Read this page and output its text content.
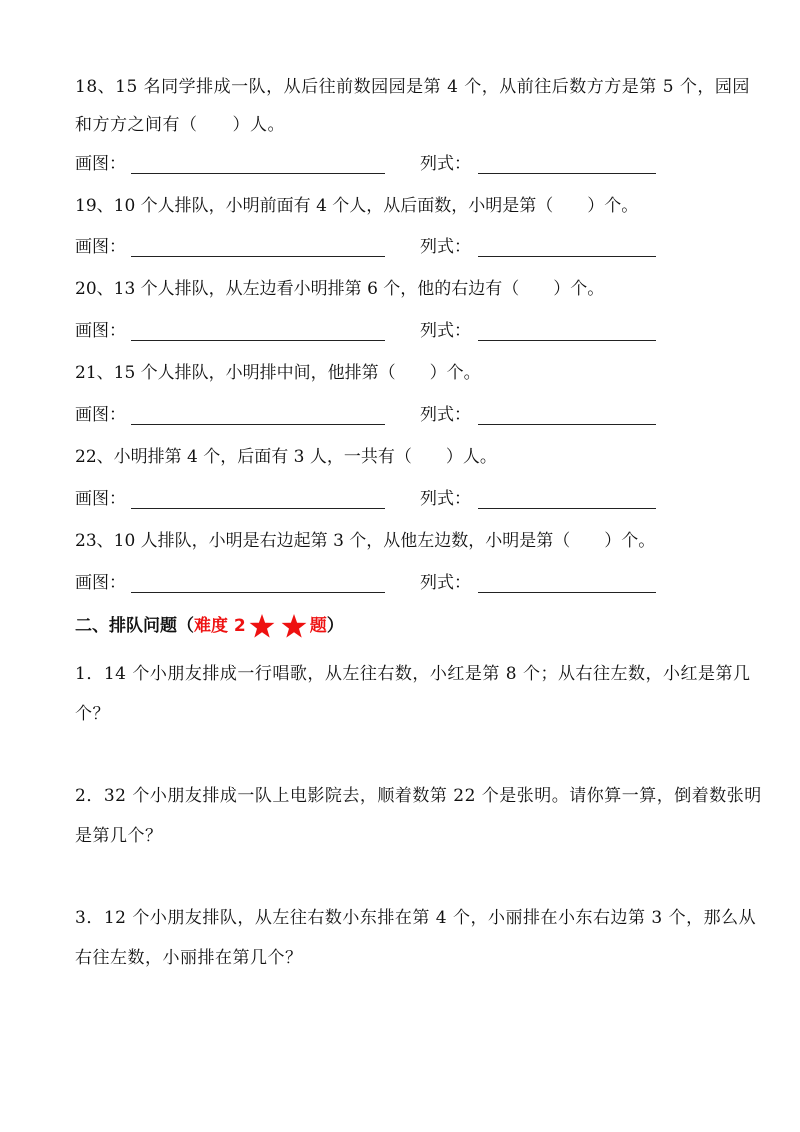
18、15 名同学排成一队，从后往前数园园是第 4 个，从前往后数方方是第 5 个，园园和方方之间有（　　）人。
画图：	列式：
19、10 个人排队，小明前面有 4 个人，从后面数，小明是第（　　）个。
画图：	列式：
20、13 个人排队，从左边看小明排第 6 个，他的右边有（　　）个。
画图：	列式：
21、15 个人排队，小明排中间，他排第（　　）个。
画图：	列式：
22、小明排第 4 个，后面有 3 人，一共有（　　）人。
画图：	列式：
23、10 人排队，小明是右边起第 3 个，从他左边数，小明是第（　　）个。
画图：	列式：
二、排队问题（难度 2	题）
1．14 个小朋友排成一行唱歌，从左往右数，小红是第 8 个；从右往左数，小红是第几个？
2．32 个小朋友排成一队上电影院去，顺着数第 22 个是张明。请你算一算，倒着数张明是第几个？
3．12 个小朋友排队，从左往右数小东排在第 4 个，小丽排在小东右边第 3 个，那么从右往左数，小丽排在第几个？
